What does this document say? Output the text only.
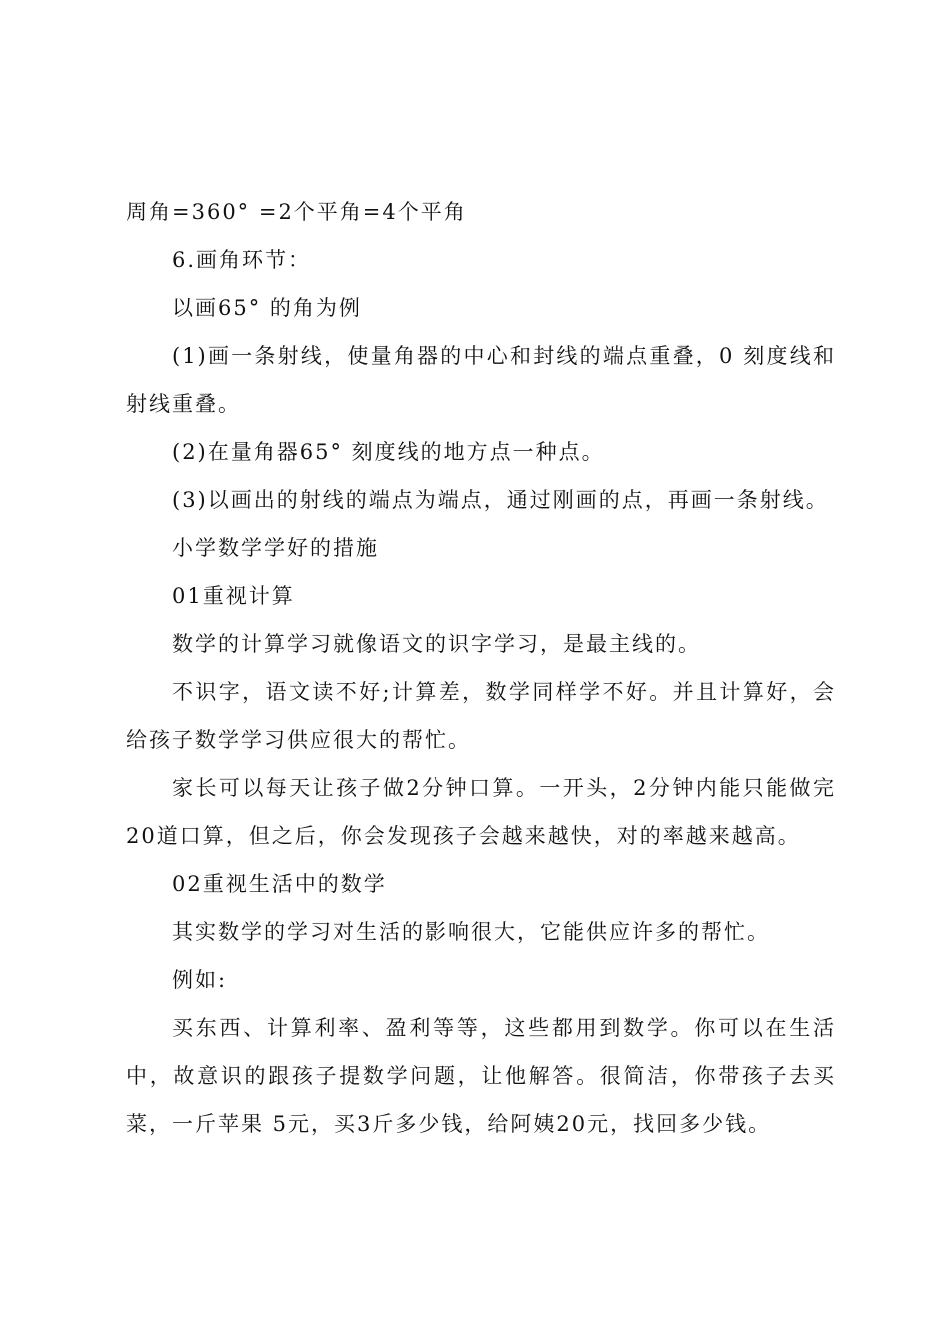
周角=360° =2个平角=4个平角

6.画角环节：

以画65° 的角为例

(1)画一条射线，使量角器的中心和封线的端点重叠，0 刻度线和射线重叠。

(2)在量角器65° 刻度线的地方点一种点。

(3)以画出的射线的端点为端点，通过刚画的点，再画一条射线。

小学数学学好的措施

01重视计算

数学的计算学习就像语文的识字学习，是最主线的。

不识字，语文读不好;计算差，数学同样学不好。并且计算好，会给孩子数学学习供应很大的帮忙。

家长可以每天让孩子做2分钟口算。一开头，2分钟内能只能做完20道口算，但之后，你会发现孩子会越来越快，对的率越来越高。

02重视生活中的数学

其实数学的学习对生活的影响很大，它能供应许多的帮忙。

例如:

买东西、计算利率、盈利等等，这些都用到数学。你可以在生活中，故意识的跟孩子提数学问题，让他解答。很简洁，你带孩子去买菜，一斤苹果 5元，买3斤多少钱，给阿姨20元，找回多少钱。
